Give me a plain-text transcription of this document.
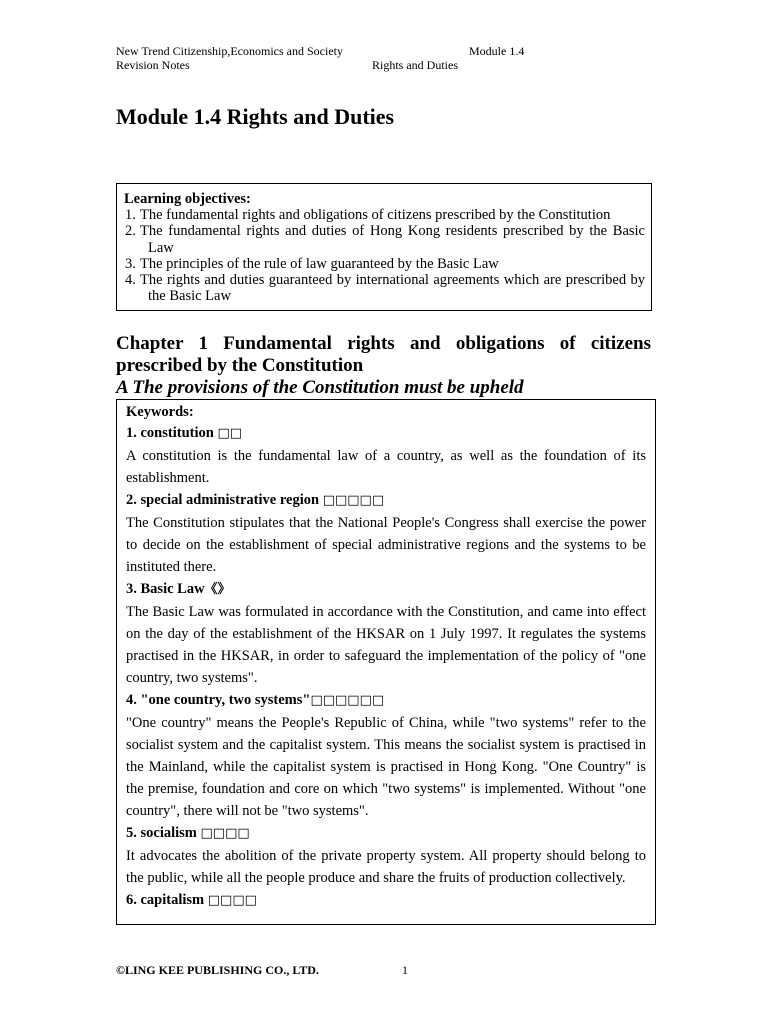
New Trend Citizenship,Economics and Society	Module 1.4
Revision Notes	Rights and Duties
Module 1.4 Rights and Duties
Learning objectives:
1. The fundamental rights and obligations of citizens prescribed by the Constitution
2. The fundamental rights and duties of Hong Kong residents prescribed by the Basic Law
3. The principles of the rule of law guaranteed by the Basic Law
4. The rights and duties guaranteed by international agreements which are prescribed by the Basic Law
Chapter 1 Fundamental rights and obligations of citizens prescribed by the Constitution
A The provisions of the Constitution must be upheld
Keywords:
1. constitution □□

A constitution is the fundamental law of a country, as well as the foundation of its establishment.

2. special administrative region □□□□□

The Constitution stipulates that the National People's Congress shall exercise the power to decide on the establishment of special administrative regions and the systems to be instituted there.

3. Basic Law《》

The Basic Law was formulated in accordance with the Constitution, and came into effect on the day of the establishment of the HKSAR on 1 July 1997. It regulates the systems practised in the HKSAR, in order to safeguard the implementation of the policy of "one country, two systems".

4. "one country, two systems"□□□□□□

"One country" means the People's Republic of China, while "two systems" refer to the socialist system and the capitalist system. This means the socialist system is practised in the Mainland, while the capitalist system is practised in Hong Kong. "One Country" is the premise, foundation and core on which "two systems" is implemented. Without "one country", there will not be "two systems".

5. socialism □□□□

It advocates the abolition of the private property system. All property should belong to the public, while all the people produce and share the fruits of production collectively.

6. capitalism □□□□
©LING KEE PUBLISHING CO., LTD.	1
